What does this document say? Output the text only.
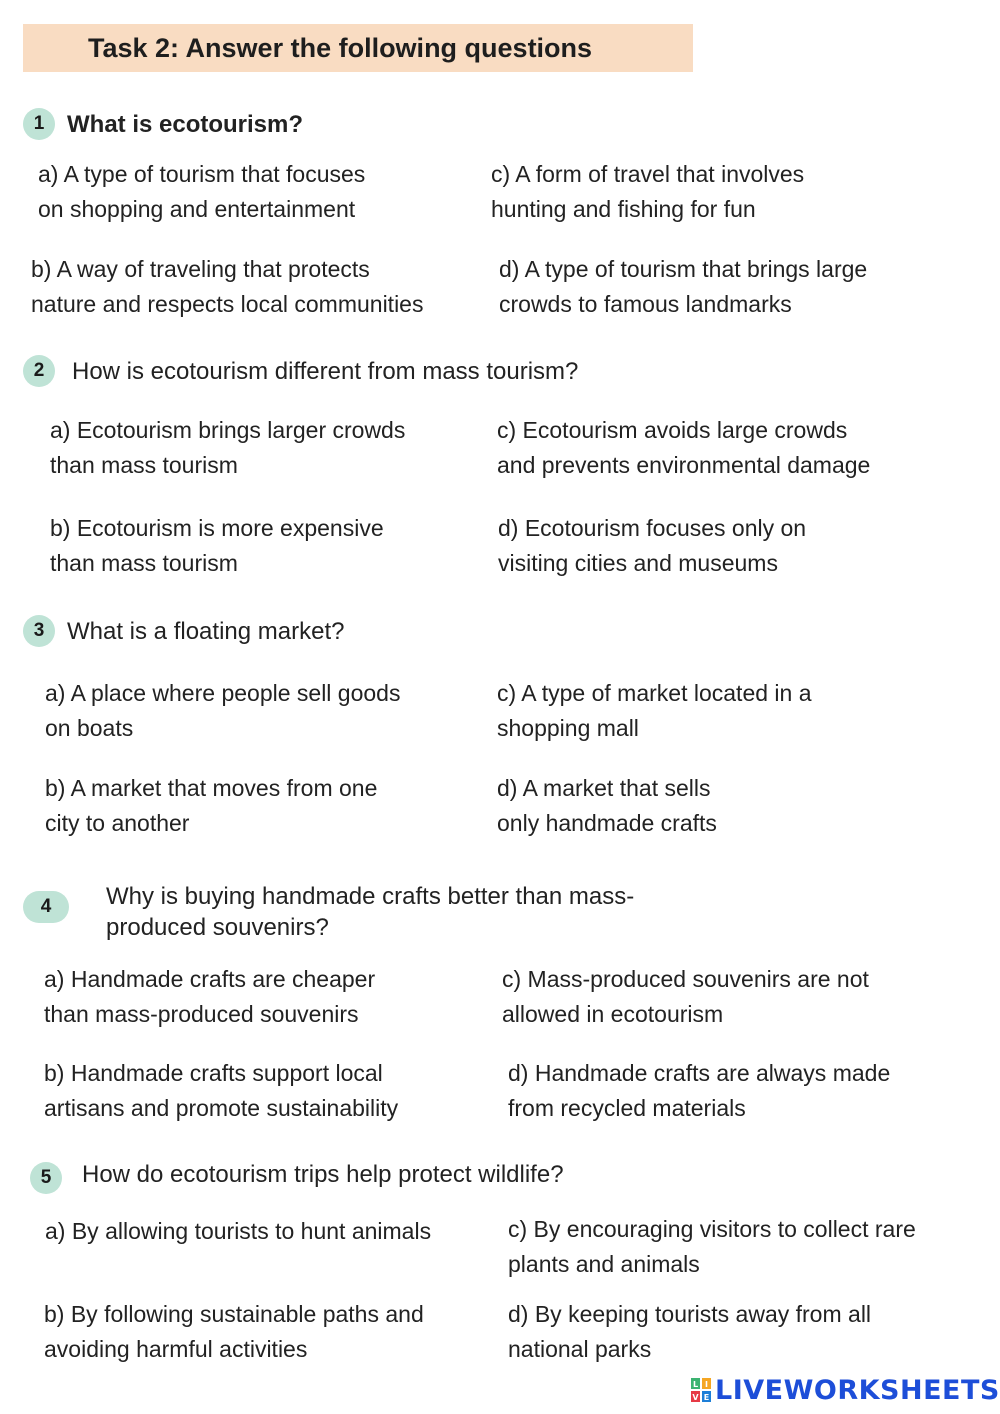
Task 2: Answer the following questions
1 What is ecotourism?
a) A type of tourism that focuses
on shopping and entertainment
c) A form of travel that involves
hunting and fishing for fun
b) A way of traveling that protects
nature and respects local communities
d) A type of tourism that brings large
crowds to famous landmarks
2	How is ecotourism different from mass tourism?
a) Ecotourism brings larger crowds
than mass tourism
c) Ecotourism avoids large crowds
and prevents environmental damage
b) Ecotourism is more expensive
than mass tourism
d) Ecotourism focuses only on
visiting cities and museums
3 What is a floating market?
a) A place where people sell goods
on boats
c) A type of market located in a
shopping mall
b) A market that moves from one
city to another
d) A market that sells
only handmade crafts
4	Why is buying handmade crafts better than mass-
produced souvenirs?
a) Handmade crafts are cheaper
than mass-produced souvenirs
c) Mass-produced souvenirs are not
allowed in ecotourism
b) Handmade crafts support local
artisans and promote sustainability
d) Handmade crafts are always made
from recycled materials
5	How do ecotourism trips help protect wildlife?
a) By allowing tourists to hunt animals	c) By encouraging visitors to collect rare
plants and animals
b) By following sustainable paths and
avoiding harmful activities
d) By keeping tourists away from all
national parks
L I
V E LIVEWORKSHEETS
